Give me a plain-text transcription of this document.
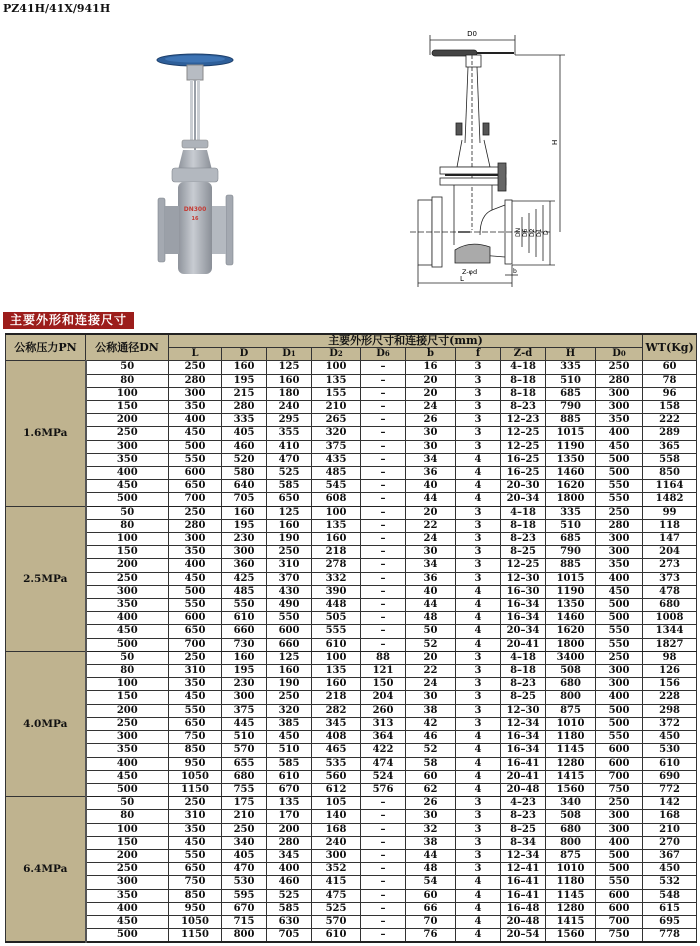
PZ41H/41X/941H
DN300
16
D0
H
DN D6 D2 D1 D
Z-φd	b
L
主要外形和连接尺寸
公称压力PN	公称通径DN	主要外形尺寸和连接尺寸(mm)										WT(Kg)
		L	D	D1	D2	D6	b	f	Z-d	H	D0	
1.6MPa	50	250	160	125	100	–	16	3	4–18	335	250	60
	80	280	195	160	135	–	20	3	8–18	510	280	78
	100	300	215	180	155	–	20	3	8–18	685	300	96
	150	350	280	240	210	–	24	3	8–23	790	300	158
	200	400	335	295	265	–	26	3	12–23	885	350	222
	250	450	405	355	320	–	30	3	12–25	1015	400	289
	300	500	460	410	375	–	30	3	12–25	1190	450	365
	350	550	520	470	435	–	34	4	16–25	1350	500	558
	400	600	580	525	485	–	36	4	16–25	1460	500	850
	450	650	640	585	545	–	40	4	20–30	1620	550	1164
	500	700	705	650	608	–	44	4	20–34	1800	550	1482
2.5MPa	50	250	160	125	100	–	20	3	4–18	335	250	99
	80	280	195	160	135	–	22	3	8–18	510	280	118
	100	300	230	190	160	–	24	3	8–23	685	300	147
	150	350	300	250	218	–	30	3	8–25	790	300	204
	200	400	360	310	278	–	34	3	12–25	885	350	273
	250	450	425	370	332	–	36	3	12–30	1015	400	373
	300	500	485	430	390	–	40	4	16–30	1190	450	478
	350	550	550	490	448	–	44	4	16–34	1350	500	680
	400	600	610	550	505	–	48	4	16–34	1460	500	1008
	450	650	660	600	555	–	50	4	20–34	1620	550	1344
	500	700	730	660	610	–	52	4	20–41	1800	550	1827
4.0MPa	50	250	160	125	100	88	20	3	4–18	3400	250	98
	80	310	195	160	135	121	22	3	8–18	508	300	126
	100	350	230	190	160	150	24	3	8–23	680	300	156
	150	450	300	250	218	204	30	3	8–25	800	400	228
	200	550	375	320	282	260	38	3	12–30	875	500	298
	250	650	445	385	345	313	42	3	12–34	1010	500	372
	300	750	510	450	408	364	46	4	16–34	1180	550	450
	350	850	570	510	465	422	52	4	16–34	1145	600	530
	400	950	655	585	535	474	58	4	16–41	1280	600	610
	450	1050	680	610	560	524	60	4	20–41	1415	700	690
	500	1150	755	670	612	576	62	4	20–48	1560	750	772
6.4MPa	50	250	175	135	105	–	26	3	4–23	340	250	142
	80	310	210	170	140	–	30	3	8–23	508	300	168
	100	350	250	200	168	–	32	3	8–25	680	300	210
	150	450	340	280	240	–	38	3	8–34	800	400	270
	200	550	405	345	300	–	44	3	12–34	875	500	367
	250	650	470	400	352	–	48	3	12–41	1010	500	450
	300	750	530	460	415	–	54	4	16–41	1180	550	532
	350	850	595	525	475	–	60	4	16–41	1145	600	548
	400	950	670	585	525	–	66	4	16–48	1280	600	615
	450	1050	715	630	570	–	70	4	20–48	1415	700	695
	500	1150	800	705	610	–	76	4	20–54	1560	750	778
